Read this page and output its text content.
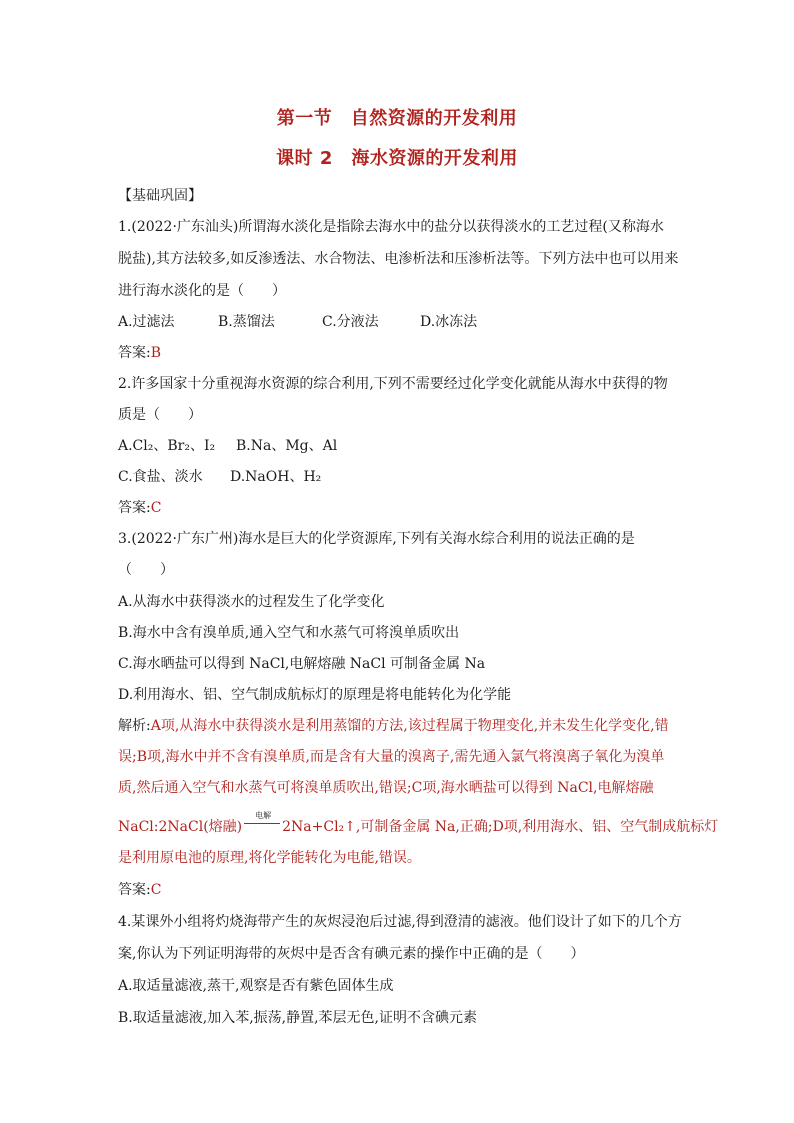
第一节　自然资源的开发利用
课时 2　海水资源的开发利用
【基础巩固】
1.(2022·广东汕头)所谓海水淡化是指除去海水中的盐分以获得淡水的工艺过程(又称海水
脱盐),其方法较多,如反渗透法、水合物法、电渗析法和压渗析法等。下列方法中也可以用来
进行海水淡化的是（　　）
A.过滤法	B.蒸馏法	C.分液法	D.冰冻法
答案:B
2.许多国家十分重视海水资源的综合利用,下列不需要经过化学变化就能从海水中获得的物
质是（　　）
A.Cl₂、Br₂、I₂ B.Na、Mg、Al
C.食盐、淡水 D.NaOH、H₂
答案:C
3.(2022·广东广州)海水是巨大的化学资源库,下列有关海水综合利用的说法正确的是
（　　）
A.从海水中获得淡水的过程发生了化学变化
B.海水中含有溴单质,通入空气和水蒸气可将溴单质吹出
C.海水晒盐可以得到 NaCl,电解熔融 NaCl 可制备金属 Na
D.利用海水、铝、空气制成航标灯的原理是将电能转化为化学能
解析:A项,从海水中获得淡水是利用蒸馏的方法,该过程属于物理变化,并未发生化学变化,错
误;B项,海水中并不含有溴单质,而是含有大量的溴离子,需先通入氯气将溴离子氧化为溴单
质,然后通入空气和水蒸气可将溴单质吹出,错误;C项,海水晒盐可以得到 NaCl,电解熔融
NaCl:2NaCl(熔融)
电解
2Na+Cl₂↑,可制备金属 Na,正确;D项,利用海水、铝、空气制成航标灯
是利用原电池的原理,将化学能转化为电能,错误。
答案:C
4.某课外小组将灼烧海带产生的灰烬浸泡后过滤,得到澄清的滤液。他们设计了如下的几个方
案,你认为下列证明海带的灰烬中是否含有碘元素的操作中正确的是（　　）
A.取适量滤液,蒸干,观察是否有紫色固体生成
B.取适量滤液,加入苯,振荡,静置,苯层无色,证明不含碘元素
